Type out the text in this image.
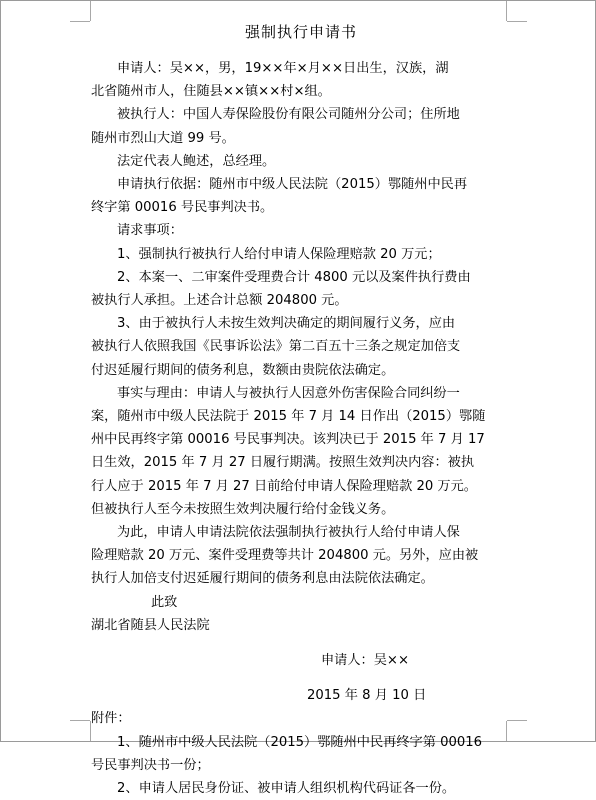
强制执行申请书
申请人：吴××，男，19××年×月××日出生，汉族，湖
北省随州市人，住随县××镇××村×组。
被执行人：中国人寿保险股份有限公司随州分公司；住所地
随州市烈山大道 99 号。
法定代表人鲍述，总经理。
申请执行依据：随州市中级人民法院（2015）鄂随州中民再
终字第 00016 号民事判决书。
请求事项：
1、强制执行被执行人给付申请人保险理赔款 20 万元；
2、本案一、二审案件受理费合计 4800 元以及案件执行费由
被执行人承担。上述合计总额 204800 元。
3、由于被执行人未按生效判决确定的期间履行义务，应由
被执行人依照我国《民事诉讼法》第二百五十三条之规定加倍支
付迟延履行期间的债务利息，数额由贵院依法确定。
事实与理由：申请人与被执行人因意外伤害保险合同纠纷一
案，随州市中级人民法院于 2015 年 7 月 14 日作出（2015）鄂随
州中民再终字第 00016 号民事判决。该判决已于 2015 年 7 月 17
日生效，2015 年 7 月 27 日履行期满。按照生效判决内容：被执
行人应于 2015 年 7 月 27 日前给付申请人保险理赔款 20 万元。
但被执行人至今未按照生效判决履行给付金钱义务。
为此，申请人申请法院依法强制执行被执行人给付申请人保
险理赔款 20 万元、案件受理费等共计 204800 元。另外，应由被
执行人加倍支付迟延履行期间的债务利息由法院依法确定。
此致
湖北省随县人民法院
申请人：吴××
2015 年 8 月 10 日
附件：
1、随州市中级人民法院（2015）鄂随州中民再终字第 00016
号民事判决书一份；
2、申请人居民身份证、被申请人组织机构代码证各一份。
